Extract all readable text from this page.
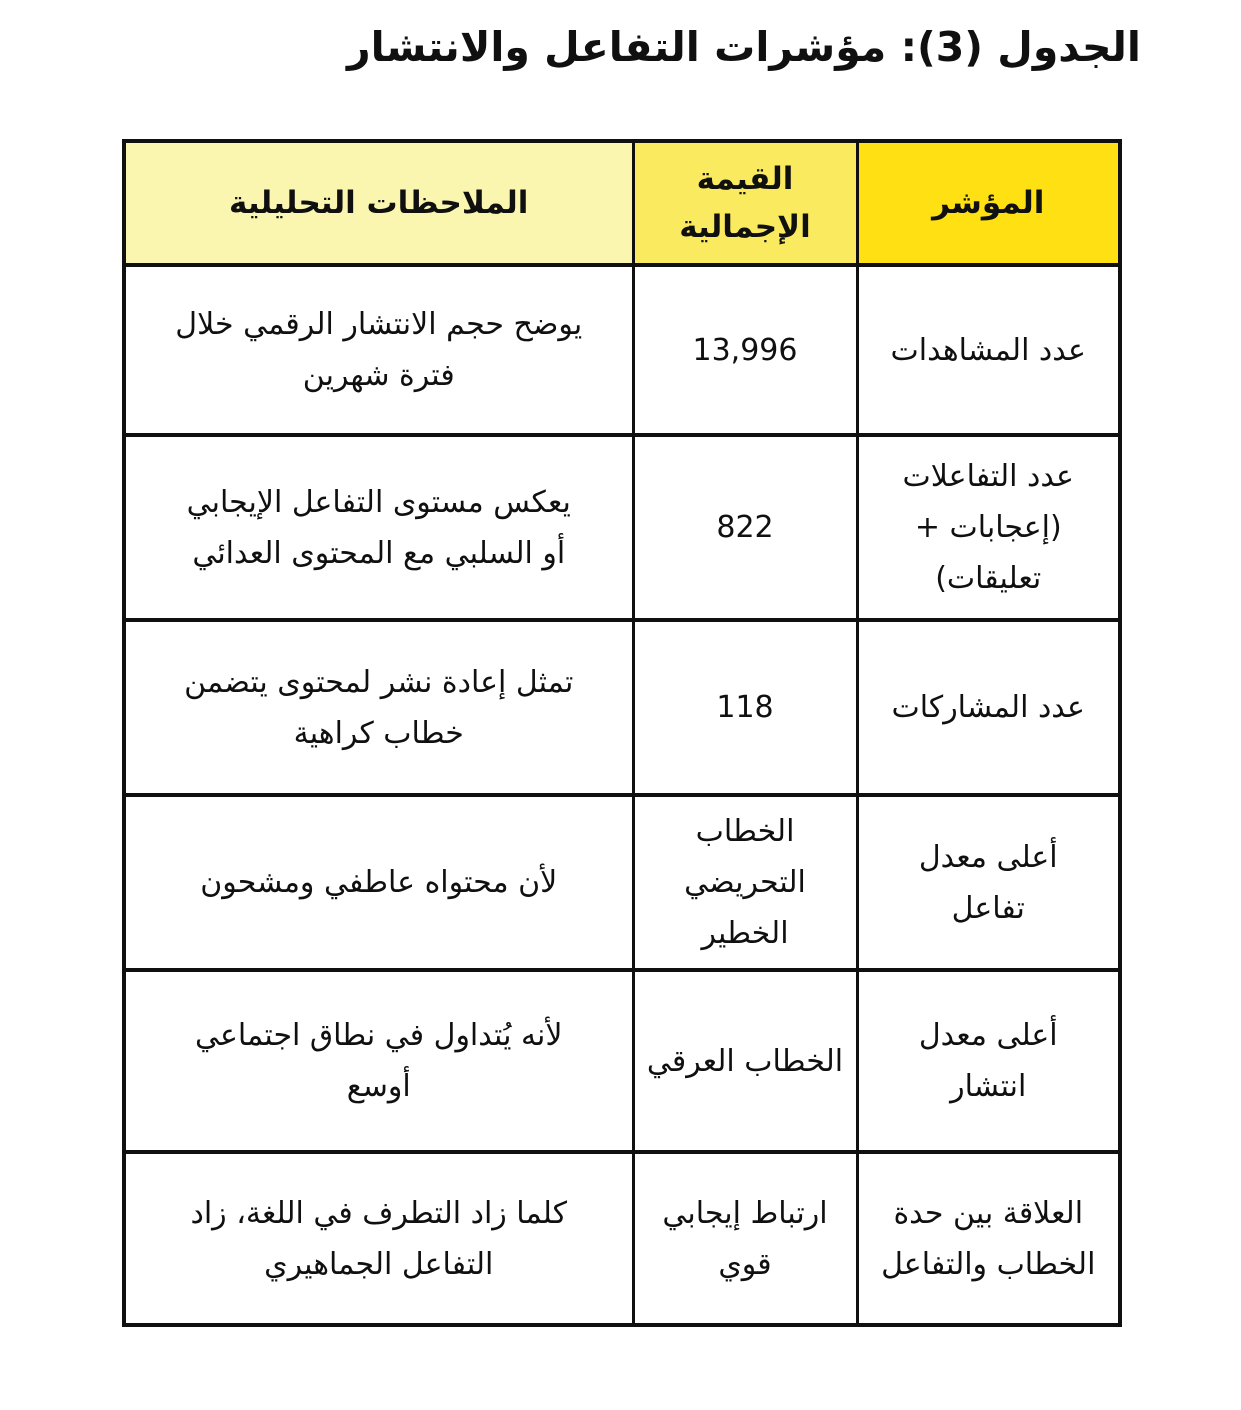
الجدول (3): مؤشرات التفاعل والانتشار
المؤشر	القيمة الإجمالية	الملاحظات التحليلية
عدد المشاهدات	13,996	يوضح حجم الانتشار الرقمي خلال فترة شهرين
عدد التفاعلات (إعجابات + تعليقات)	822	يعكس مستوى التفاعل الإيجابي أو السلبي مع المحتوى العدائي
عدد المشاركات	118	تمثل إعادة نشر لمحتوى يتضمن خطاب كراهية
أعلى معدل تفاعل	الخطاب التحريضي الخطير	لأن محتواه عاطفي ومشحون
أعلى معدل انتشار	الخطاب العرقي	لأنه يُتداول في نطاق اجتماعي أوسع
العلاقة بين حدة الخطاب والتفاعل	ارتباط إيجابي قوي	كلما زاد التطرف في اللغة، زاد التفاعل الجماهيري
